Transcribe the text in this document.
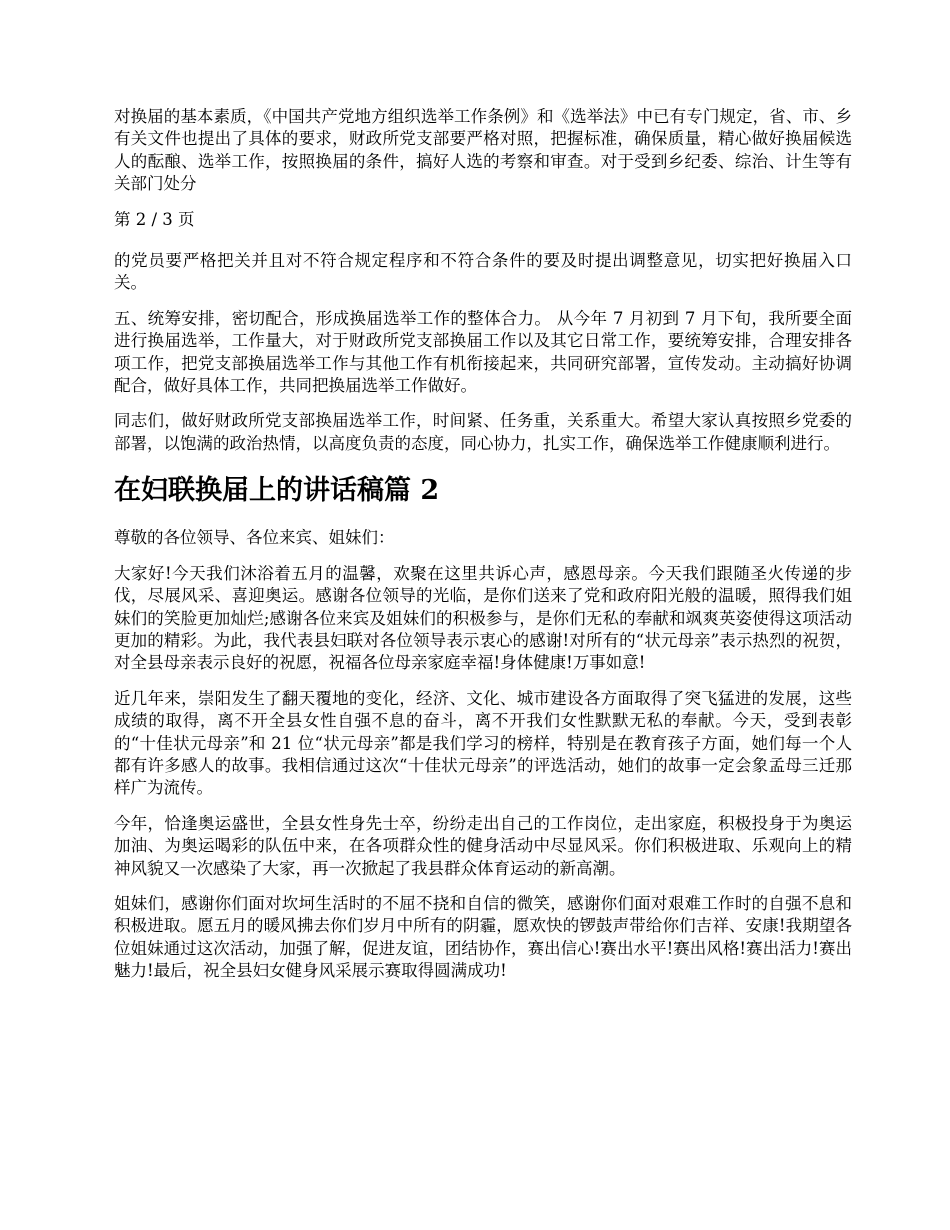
对换届的基本素质，《中国共产党地方组织选举工作条例》和《选举法》中已有专门规定，省、市、乡有关文件也提出了具体的要求，财政所党支部要严格对照，把握标准，确保质量，精心做好换届候选人的酝酿、选举工作，按照换届的条件，搞好人选的考察和审查。对于受到乡纪委、综治、计生等有关部门处分

第 2 / 3 页

的党员要严格把关并且对不符合规定程序和不符合条件的要及时提出调整意见，切实把好换届入口关。

五、统筹安排，密切配合，形成换届选举工作的整体合力。 从今年 7 月初到 7 月下旬，我所要全面进行换届选举，工作量大，对于财政所党支部换届工作以及其它日常工作，要统筹安排，合理安排各项工作，把党支部换届选举工作与其他工作有机衔接起来，共同研究部署，宣传发动。主动搞好协调配合，做好具体工作，共同把换届选举工作做好。

同志们，做好财政所党支部换届选举工作，时间紧、任务重，关系重大。希望大家认真按照乡党委的部署，以饱满的政治热情，以高度负责的态度，同心协力，扎实工作，确保选举工作健康顺利进行。

在妇联换届上的讲话稿篇 2

尊敬的各位领导、各位来宾、姐妹们：

大家好!今天我们沐浴着五月的温馨，欢聚在这里共诉心声，感恩母亲。今天我们跟随圣火传递的步伐，尽展风采、喜迎奥运。感谢各位领导的光临，是你们送来了党和政府阳光般的温暖，照得我们姐妹们的笑脸更加灿烂;感谢各位来宾及姐妹们的积极参与，是你们无私的奉献和飒爽英姿使得这项活动更加的精彩。为此，我代表县妇联对各位领导表示衷心的感谢!对所有的“状元母亲”表示热烈的祝贺，对全县母亲表示良好的祝愿，祝福各位母亲家庭幸福!身体健康!万事如意!

近几年来，崇阳发生了翻天覆地的变化，经济、文化、城市建设各方面取得了突飞猛进的发展，这些成绩的取得，离不开全县女性自强不息的奋斗，离不开我们女性默默无私的奉献。今天，受到表彰的“十佳状元母亲”和 21 位“状元母亲”都是我们学习的榜样，特别是在教育孩子方面，她们每一个人都有许多感人的故事。我相信通过这次“十佳状元母亲”的评选活动，她们的故事一定会象孟母三迁那样广为流传。

今年，恰逢奥运盛世，全县女性身先士卒，纷纷走出自己的工作岗位，走出家庭，积极投身于为奥运加油、为奥运喝彩的队伍中来，在各项群众性的健身活动中尽显风采。你们积极进取、乐观向上的精神风貌又一次感染了大家，再一次掀起了我县群众体育运动的新高潮。

姐妹们，感谢你们面对坎坷生活时的不屈不挠和自信的微笑，感谢你们面对艰难工作时的自强不息和积极进取。愿五月的暖风拂去你们岁月中所有的阴霾，愿欢快的锣鼓声带给你们吉祥、安康!我期望各位姐妹通过这次活动，加强了解，促进友谊，团结协作，赛出信心!赛出水平!赛出风格!赛出活力!赛出魅力!最后，祝全县妇女健身风采展示赛取得圆满成功!
